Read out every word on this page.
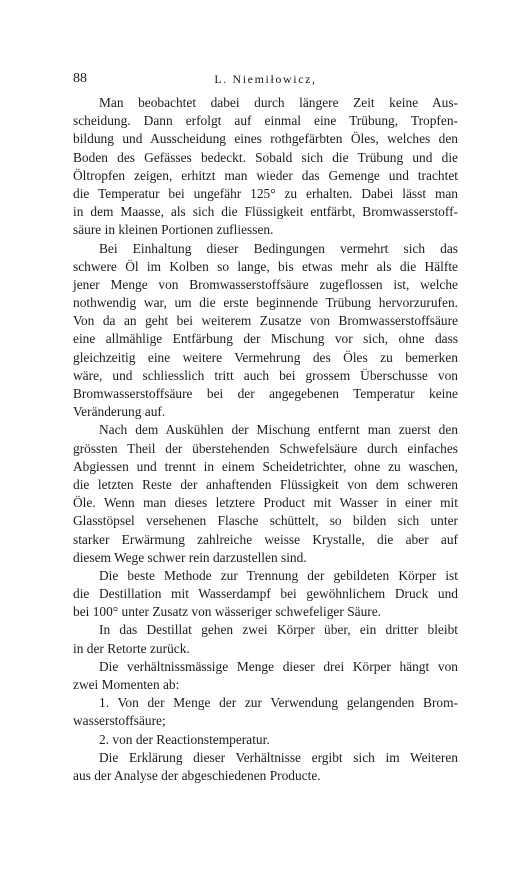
88	L. Niemiłowicz,
Man beobachtet dabei durch längere Zeit keine Aus-
scheidung. Dann erfolgt auf einmal eine Trübung, Tropfen-
bildung und Ausscheidung eines rothgefärbten Öles, welches den
Boden des Gefässes bedeckt. Sobald sich die Trübung und die
Öltropfen zeigen, erhitzt man wieder das Gemenge und trachtet
die Temperatur bei ungefähr 125° zu erhalten. Dabei lässt man
in dem Maasse, als sich die Flüssigkeit entfärbt, Bromwasserstoff-
säure in kleinen Portionen zufliessen.
Bei Einhaltung dieser Bedingungen vermehrt sich das
schwere Öl im Kolben so lange, bis etwas mehr als die Hälfte
jener Menge von Bromwasserstoffsäure zugeflossen ist, welche
nothwendig war, um die erste beginnende Trübung hervorzurufen.
Von da an geht bei weiterem Zusatze von Bromwasserstoffsäure
eine allmählige Entfärbung der Mischung vor sich, ohne dass
gleichzeitig eine weitere Vermehrung des Öles zu bemerken
wäre, und schliesslich tritt auch bei grossem Überschusse von
Bromwasserstoffsäure bei der angegebenen Temperatur keine
Veränderung auf.
Nach dem Auskühlen der Mischung entfernt man zuerst den
grössten Theil der überstehenden Schwefelsäure durch einfaches
Abgiessen und trennt in einem Scheidetrichter, ohne zu waschen,
die letzten Reste der anhaftenden Flüssigkeit von dem schweren
Öle. Wenn man dieses letztere Product mit Wasser in einer mit
Glasstöpsel versehenen Flasche schüttelt, so bilden sich unter
starker Erwärmung zahlreiche weisse Krystalle, die aber auf
diesem Wege schwer rein darzustellen sind.
Die beste Methode zur Trennung der gebildeten Körper ist
die Destillation mit Wasserdampf bei gewöhnlichem Druck und
bei 100° unter Zusatz von wässeriger schwefeliger Säure.
In das Destillat gehen zwei Körper über, ein dritter bleibt
in der Retorte zurück.
Die verhältnissmässige Menge dieser drei Körper hängt von
zwei Momenten ab:
1. Von der Menge der zur Verwendung gelangenden Brom-
wasserstoffsäure;
2. von der Reactionstemperatur.
Die Erklärung dieser Verhältnisse ergibt sich im Weiteren
aus der Analyse der abgeschiedenen Producte.
